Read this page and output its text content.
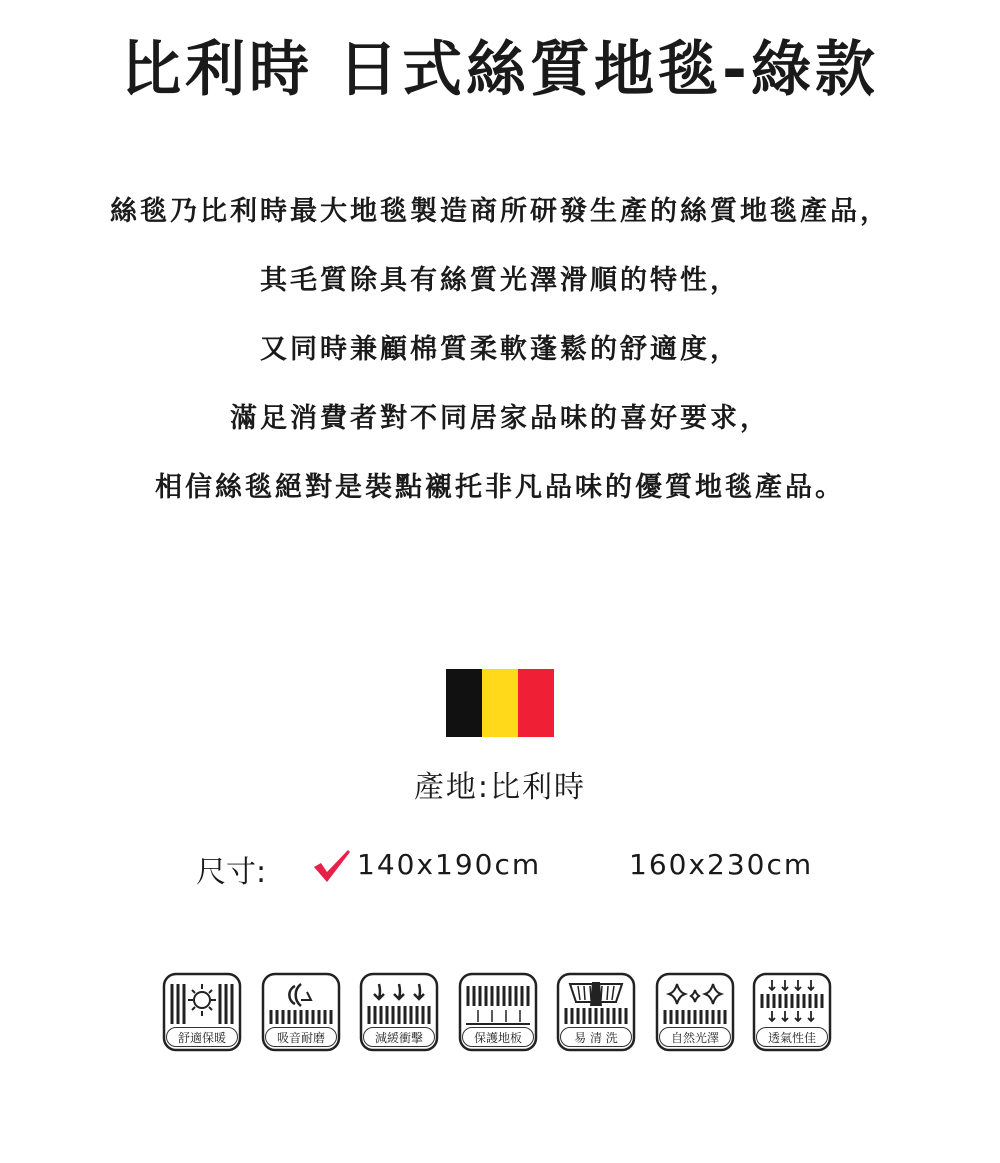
比利時 日式絲質地毯-綠款

絲毯乃比利時最大地毯製造商所研發生產的絲質地毯產品，

其毛質除具有絲質光澤滑順的特性，

又同時兼顧棉質柔軟蓬鬆的舒適度，

滿足消費者對不同居家品味的喜好要求，

相信絲毯絕對是裝點襯托非凡品味的優質地毯產品。

產地:比利時
尺寸:	140x190cm	160x230cm
舒適保暖	吸音耐磨	減緩衝擊	保護地板	易 清 洗	自然光澤	透氣性佳
